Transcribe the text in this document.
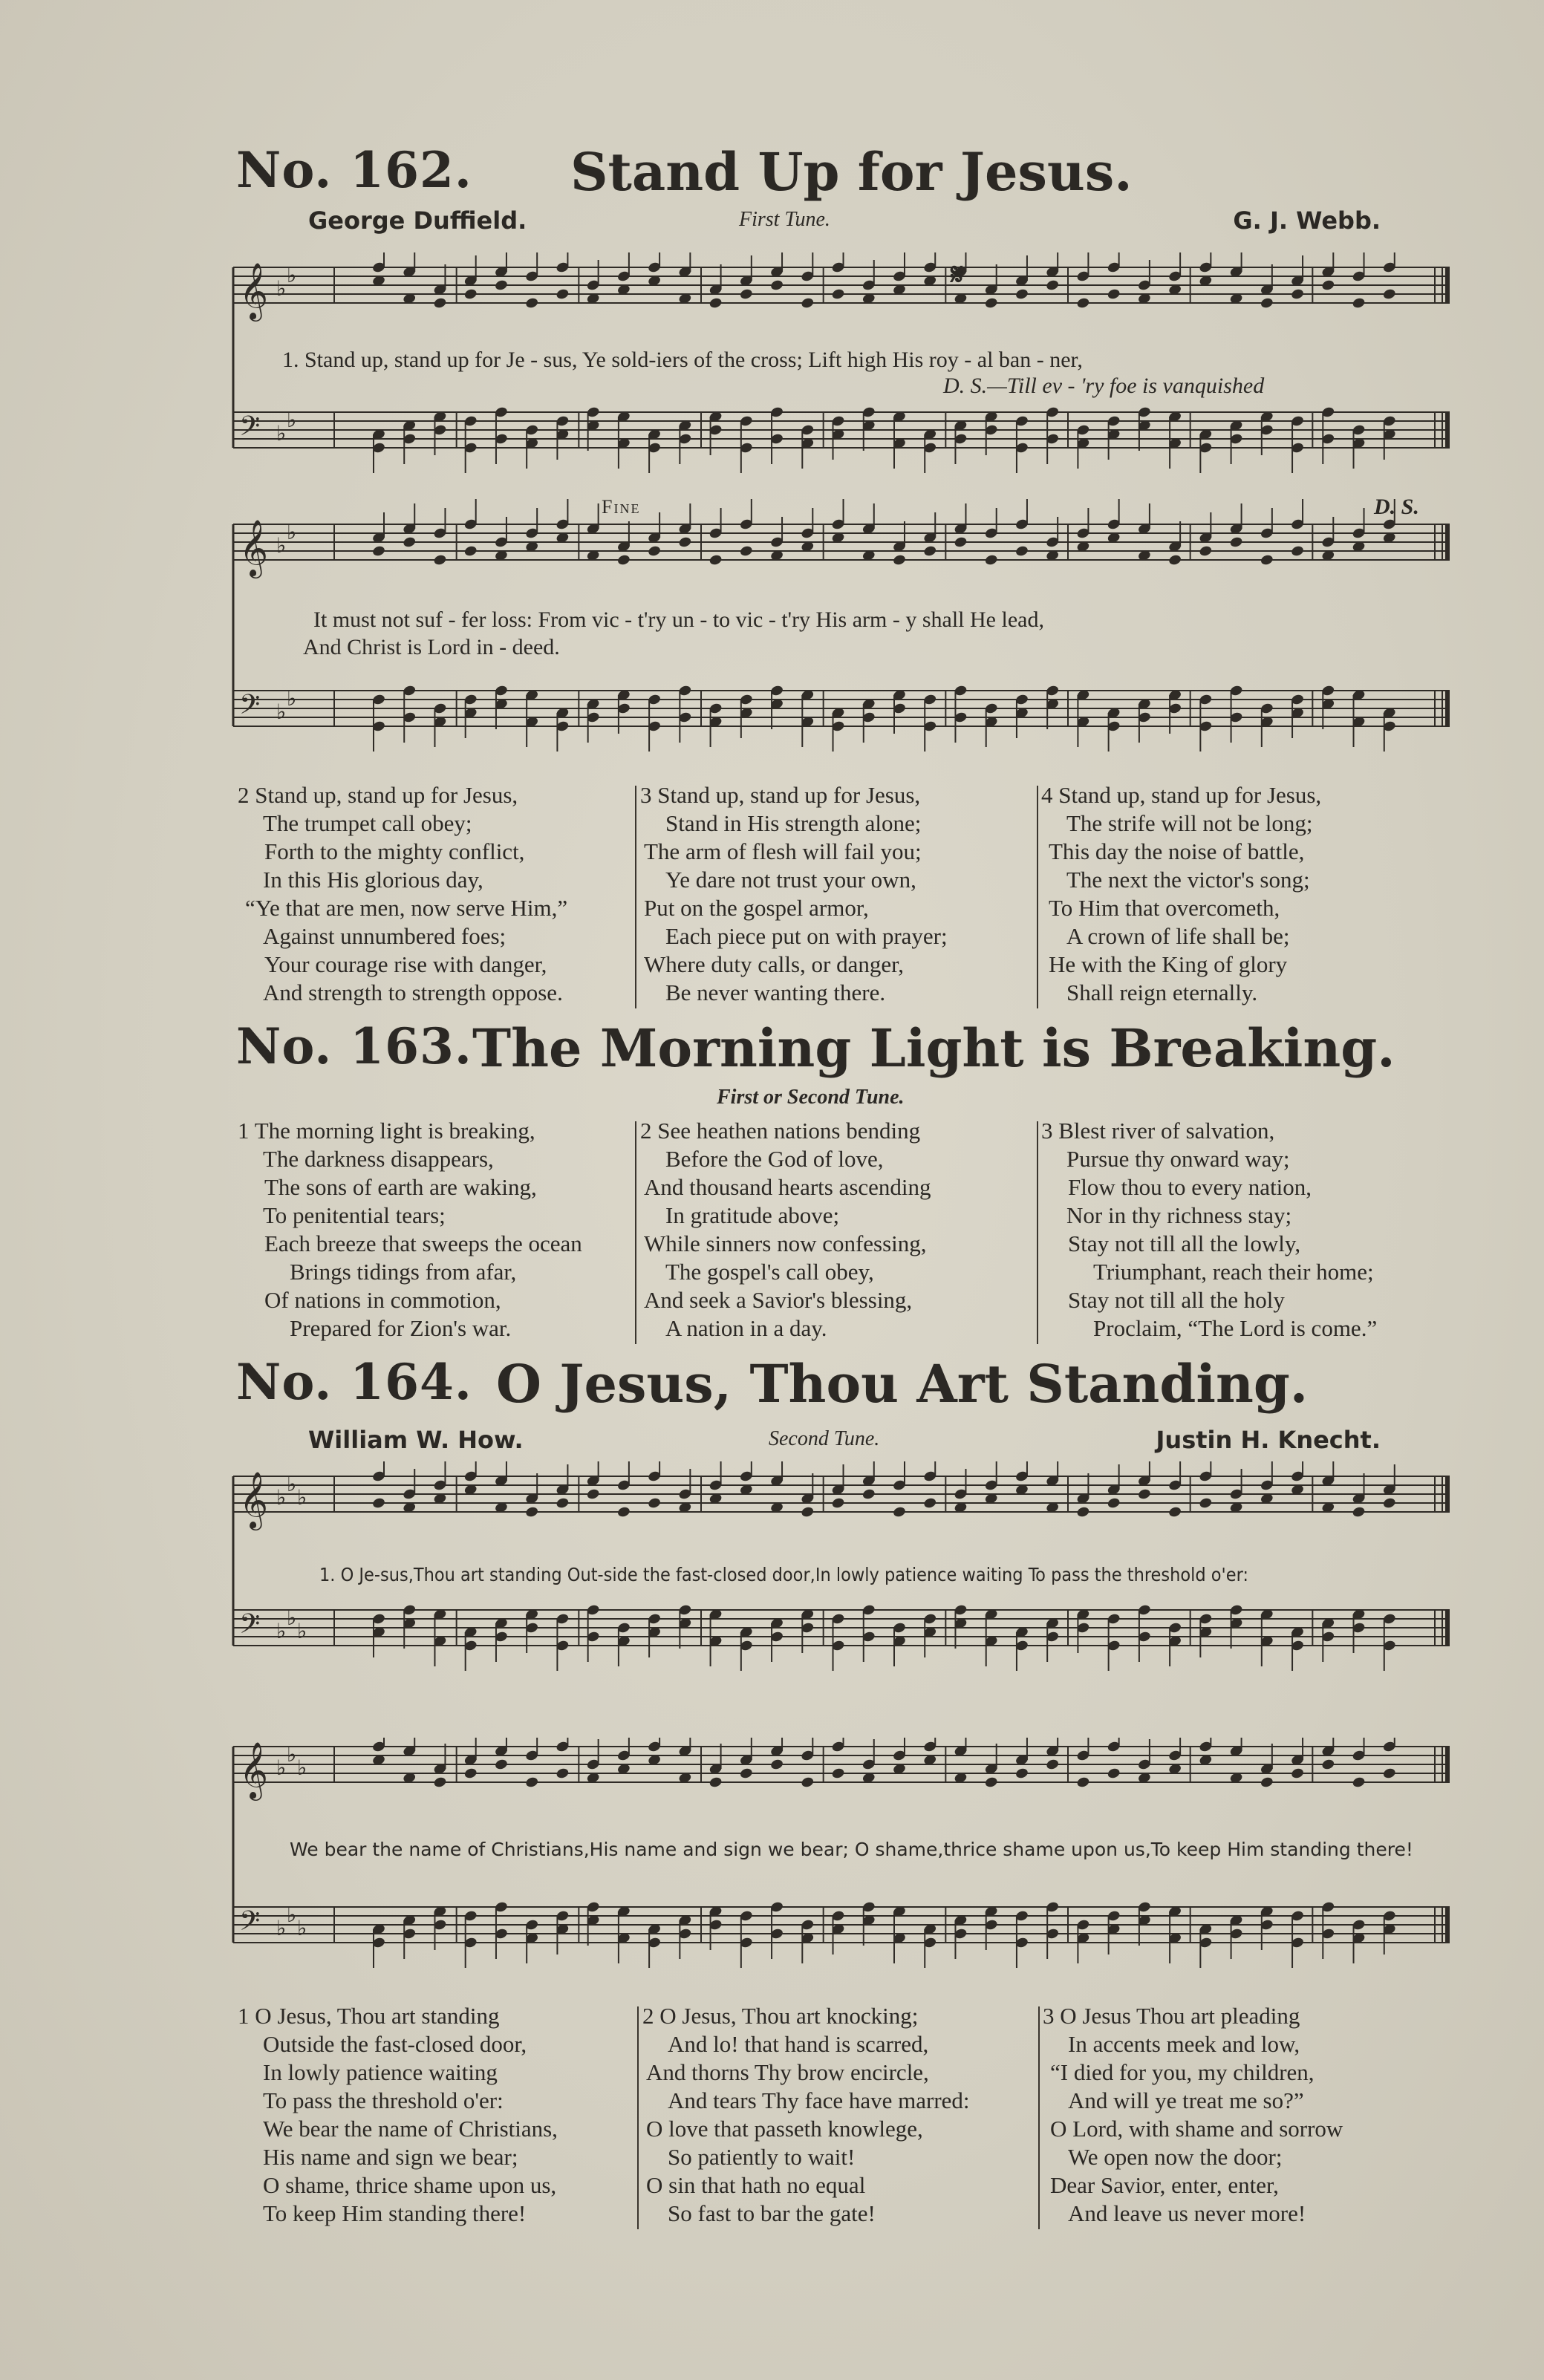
No. 162. Stand Up for Jesus.
George Duffield.	First Tune.	G. J. Webb.
𝄞 ♭
♭
𝄢 ♭
♭
𝄋
1. Stand up, stand up for Je - sus, Ye sold-iers of the cross; Lift high His roy - al ban - ner,
D. S.—Till ev - 'ry foe is vanquished
𝄞 ♭
♭
𝄢 ♭
♭
Fine	D. S.
It must not suf - fer loss: From vic - t'ry un - to vic - t'ry His arm - y shall He lead,
And Christ is Lord in - deed.
2 Stand up, stand up for Jesus,
The trumpet call obey;
Forth to the mighty conflict,
In this His glorious day,
“Ye that are men, now serve Him,”
Against unnumbered foes;
Your courage rise with danger,
And strength to strength oppose.
3 Stand up, stand up for Jesus,
Stand in His strength alone;
The arm of flesh will fail you;
Ye dare not trust your own,
Put on the gospel armor,
Each piece put on with prayer;
Where duty calls, or danger,
Be never wanting there.
4 Stand up, stand up for Jesus,
The strife will not be long;
This day the noise of battle,
The next the victor's song;
To Him that overcometh,
A crown of life shall be;
He with the King of glory
Shall reign eternally.
No. 163. The Morning Light is Breaking.
First or Second Tune.
1 The morning light is breaking,
The darkness disappears,
The sons of earth are waking,
To penitential tears;
Each breeze that sweeps the ocean
Brings tidings from afar,
Of nations in commotion,
Prepared for Zion's war.
2 See heathen nations bending
Before the God of love,
And thousand hearts ascending
In gratitude above;
While sinners now confessing,
The gospel's call obey,
And seek a Savior's blessing,
A nation in a day.
3 Blest river of salvation,
Pursue thy onward way;
Flow thou to every nation,
Nor in thy richness stay;
Stay not till all the lowly,
Triumphant, reach their home;
Stay not till all the holy
Proclaim, “The Lord is come.”
No. 164. O Jesus, Thou Art Standing.
William W. How.	Second Tune.	Justin H. Knecht.
𝄞 ♭
♭
♭
𝄢 ♭
♭
♭
1. O Je-sus,Thou art standing Out-side the fast-closed door,In lowly patience waiting To pass the threshold o'er:
𝄞 ♭
♭
♭
𝄢 ♭
♭
♭
We bear the name of Christians,His name and sign we bear; O shame,thrice shame upon us,To keep Him standing there!
1 O Jesus, Thou art standing
Outside the fast-closed door,
In lowly patience waiting
To pass the threshold o'er:
We bear the name of Christians,
His name and sign we bear;
O shame, thrice shame upon us,
To keep Him standing there!
2 O Jesus, Thou art knocking;
And lo! that hand is scarred,
And thorns Thy brow encircle,
And tears Thy face have marred:
O love that passeth knowlege,
So patiently to wait!
O sin that hath no equal
So fast to bar the gate!
3 O Jesus Thou art pleading
In accents meek and low,
“I died for you, my children,
And will ye treat me so?”
O Lord, with shame and sorrow
We open now the door;
Dear Savior, enter, enter,
And leave us never more!
